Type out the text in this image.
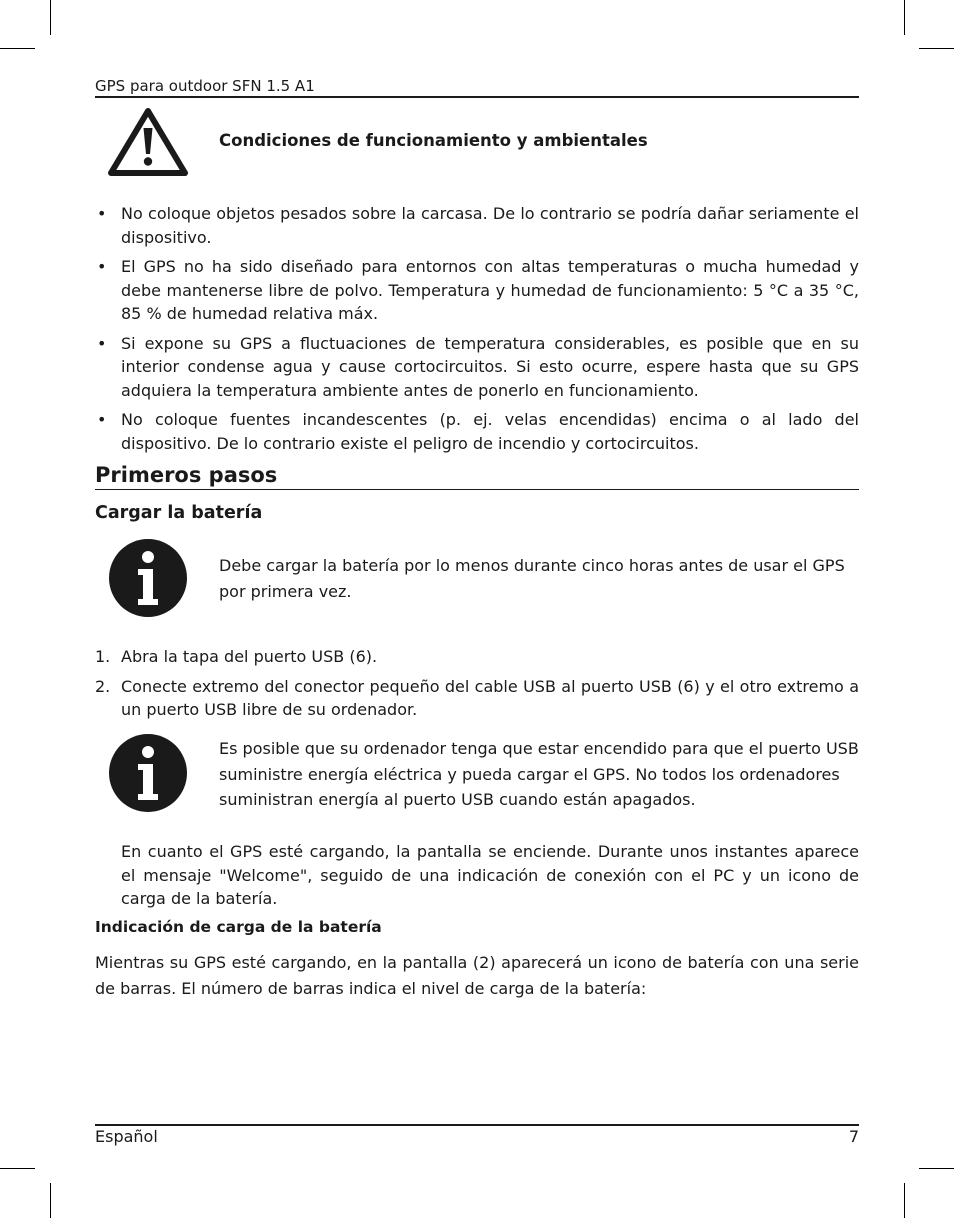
GPS para outdoor SFN 1.5 A1
Condiciones de funcionamiento y ambientales
• No coloque objetos pesados sobre la carcasa. De lo contrario se podría dañar seriamente el dispositivo.
• El GPS no ha sido diseñado para entornos con altas temperaturas o mucha humedad y debe mantenerse libre de polvo. Temperatura y humedad de funcionamiento: 5 °C a 35 °C, 85 % de humedad relativa máx.
• Si expone su GPS a fluctuaciones de temperatura considerables, es posible que en su interior condense agua y cause cortocircuitos. Si esto ocurre, espere hasta que su GPS adquiera la temperatura ambiente antes de ponerlo en funcionamiento.
• No coloque fuentes incandescentes (p. ej. velas encendidas) encima o al lado del dispositivo. De lo contrario existe el peligro de incendio y cortocircuitos.
Primeros pasos
Cargar la batería
Debe cargar la batería por lo menos durante cinco horas antes de usar el GPS por primera vez.
1. Abra la tapa del puerto USB (6).
2. Conecte extremo del conector pequeño del cable USB al puerto USB (6) y el otro extremo a un puerto USB libre de su ordenador.
Es posible que su ordenador tenga que estar encendido para que el puerto USB suministre energía eléctrica y pueda cargar el GPS. No todos los ordenadores suministran energía al puerto USB cuando están apagados.
En cuanto el GPS esté cargando, la pantalla se enciende. Durante unos instantes aparece el mensaje "Welcome", seguido de una indicación de conexión con el PC y un icono de carga de la batería.
Indicación de carga de la batería
Mientras su GPS esté cargando, en la pantalla (2) aparecerá un icono de batería con una serie de barras. El número de barras indica el nivel de carga de la batería:
Español	7
